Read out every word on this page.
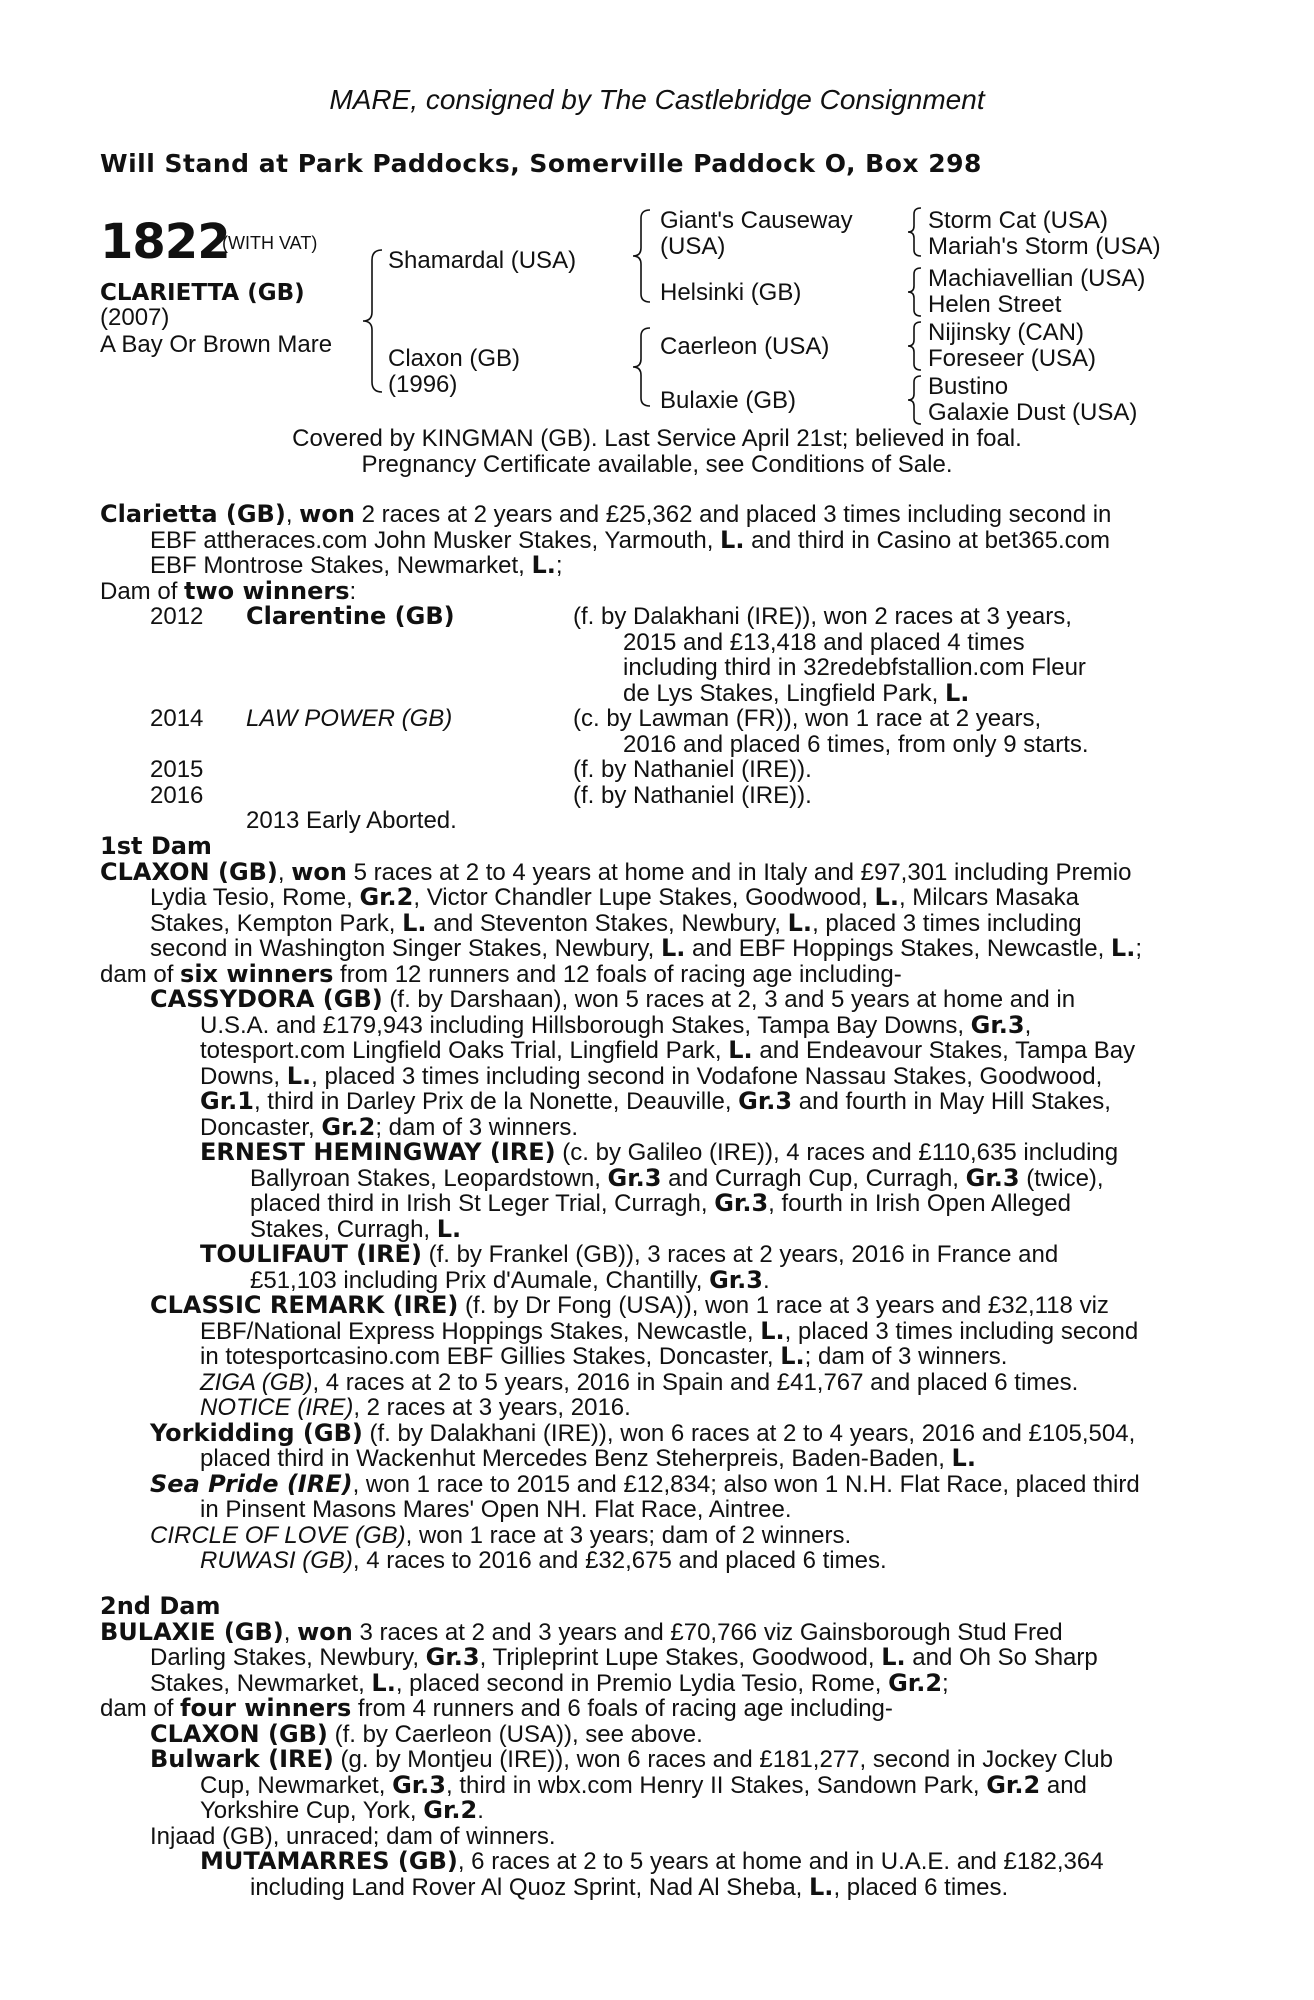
MARE, consigned by The Castlebridge Consignment
Will Stand at Park Paddocks, Somerville Paddock O, Box 298
1822
(WITH VAT)
CLARIETTA (GB)
(2007)
A Bay Or Brown Mare
Shamardal (USA)
Claxon (GB)
(1996)
Giant's Causeway
(USA)
Helsinki (GB)
Caerleon (USA)
Bulaxie (GB)
Storm Cat (USA)
Mariah's Storm (USA)
Machiavellian (USA)
Helen Street
Nijinsky (CAN)
Foreseer (USA)
Bustino
Galaxie Dust (USA)
Covered by KINGMAN (GB). Last Service April 21st; believed in foal.
Pregnancy Certificate available, see Conditions of Sale.
Clarietta (GB), won 2 races at 2 years and £25,362 and placed 3 times including second in
EBF attheraces.com John Musker Stakes, Yarmouth, L. and third in Casino at bet365.com
EBF Montrose Stakes, Newmarket, L.;
Dam of two winners:
2012 Clarentine (GB)	(f. by Dalakhani (IRE)), won 2 races at 3 years,
2015 and £13,418 and placed 4 times
including third in 32redebfstallion.com Fleur
de Lys Stakes, Lingfield Park, L.
2014 LAW POWER (GB)	(c. by Lawman (FR)), won 1 race at 2 years,
2016 and placed 6 times, from only 9 starts.
2015	(f. by Nathaniel (IRE)).
2016	(f. by Nathaniel (IRE)).
2013 Early Aborted.
1st Dam
CLAXON (GB), won 5 races at 2 to 4 years at home and in Italy and £97,301 including Premio
Lydia Tesio, Rome, Gr.2, Victor Chandler Lupe Stakes, Goodwood, L., Milcars Masaka
Stakes, Kempton Park, L. and Steventon Stakes, Newbury, L., placed 3 times including
second in Washington Singer Stakes, Newbury, L. and EBF Hoppings Stakes, Newcastle, L.;
dam of six winners from 12 runners and 12 foals of racing age including-
CASSYDORA (GB) (f. by Darshaan), won 5 races at 2, 3 and 5 years at home and in
U.S.A. and £179,943 including Hillsborough Stakes, Tampa Bay Downs, Gr.3,
totesport.com Lingfield Oaks Trial, Lingfield Park, L. and Endeavour Stakes, Tampa Bay
Downs, L., placed 3 times including second in Vodafone Nassau Stakes, Goodwood,
Gr.1, third in Darley Prix de la Nonette, Deauville, Gr.3 and fourth in May Hill Stakes,
Doncaster, Gr.2; dam of 3 winners.
ERNEST HEMINGWAY (IRE) (c. by Galileo (IRE)), 4 races and £110,635 including
Ballyroan Stakes, Leopardstown, Gr.3 and Curragh Cup, Curragh, Gr.3 (twice),
placed third in Irish St Leger Trial, Curragh, Gr.3, fourth in Irish Open Alleged
Stakes, Curragh, L.
TOULIFAUT (IRE) (f. by Frankel (GB)), 3 races at 2 years, 2016 in France and
£51,103 including Prix d'Aumale, Chantilly, Gr.3.
CLASSIC REMARK (IRE) (f. by Dr Fong (USA)), won 1 race at 3 years and £32,118 viz
EBF/National Express Hoppings Stakes, Newcastle, L., placed 3 times including second
in totesportcasino.com EBF Gillies Stakes, Doncaster, L.; dam of 3 winners.
ZIGA (GB), 4 races at 2 to 5 years, 2016 in Spain and £41,767 and placed 6 times.
NOTICE (IRE), 2 races at 3 years, 2016.
Yorkidding (GB) (f. by Dalakhani (IRE)), won 6 races at 2 to 4 years, 2016 and £105,504,
placed third in Wackenhut Mercedes Benz Steherpreis, Baden-Baden, L.
Sea Pride (IRE), won 1 race to 2015 and £12,834; also won 1 N.H. Flat Race, placed third
in Pinsent Masons Mares' Open NH. Flat Race, Aintree.
CIRCLE OF LOVE (GB), won 1 race at 3 years; dam of 2 winners.
RUWASI (GB), 4 races to 2016 and £32,675 and placed 6 times.
2nd Dam
BULAXIE (GB), won 3 races at 2 and 3 years and £70,766 viz Gainsborough Stud Fred
Darling Stakes, Newbury, Gr.3, Tripleprint Lupe Stakes, Goodwood, L. and Oh So Sharp
Stakes, Newmarket, L., placed second in Premio Lydia Tesio, Rome, Gr.2;
dam of four winners from 4 runners and 6 foals of racing age including-
CLAXON (GB) (f. by Caerleon (USA)), see above.
Bulwark (IRE) (g. by Montjeu (IRE)), won 6 races and £181,277, second in Jockey Club
Cup, Newmarket, Gr.3, third in wbx.com Henry II Stakes, Sandown Park, Gr.2 and
Yorkshire Cup, York, Gr.2.
Injaad (GB), unraced; dam of winners.
MUTAMARRES (GB), 6 races at 2 to 5 years at home and in U.A.E. and £182,364
including Land Rover Al Quoz Sprint, Nad Al Sheba, L., placed 6 times.
